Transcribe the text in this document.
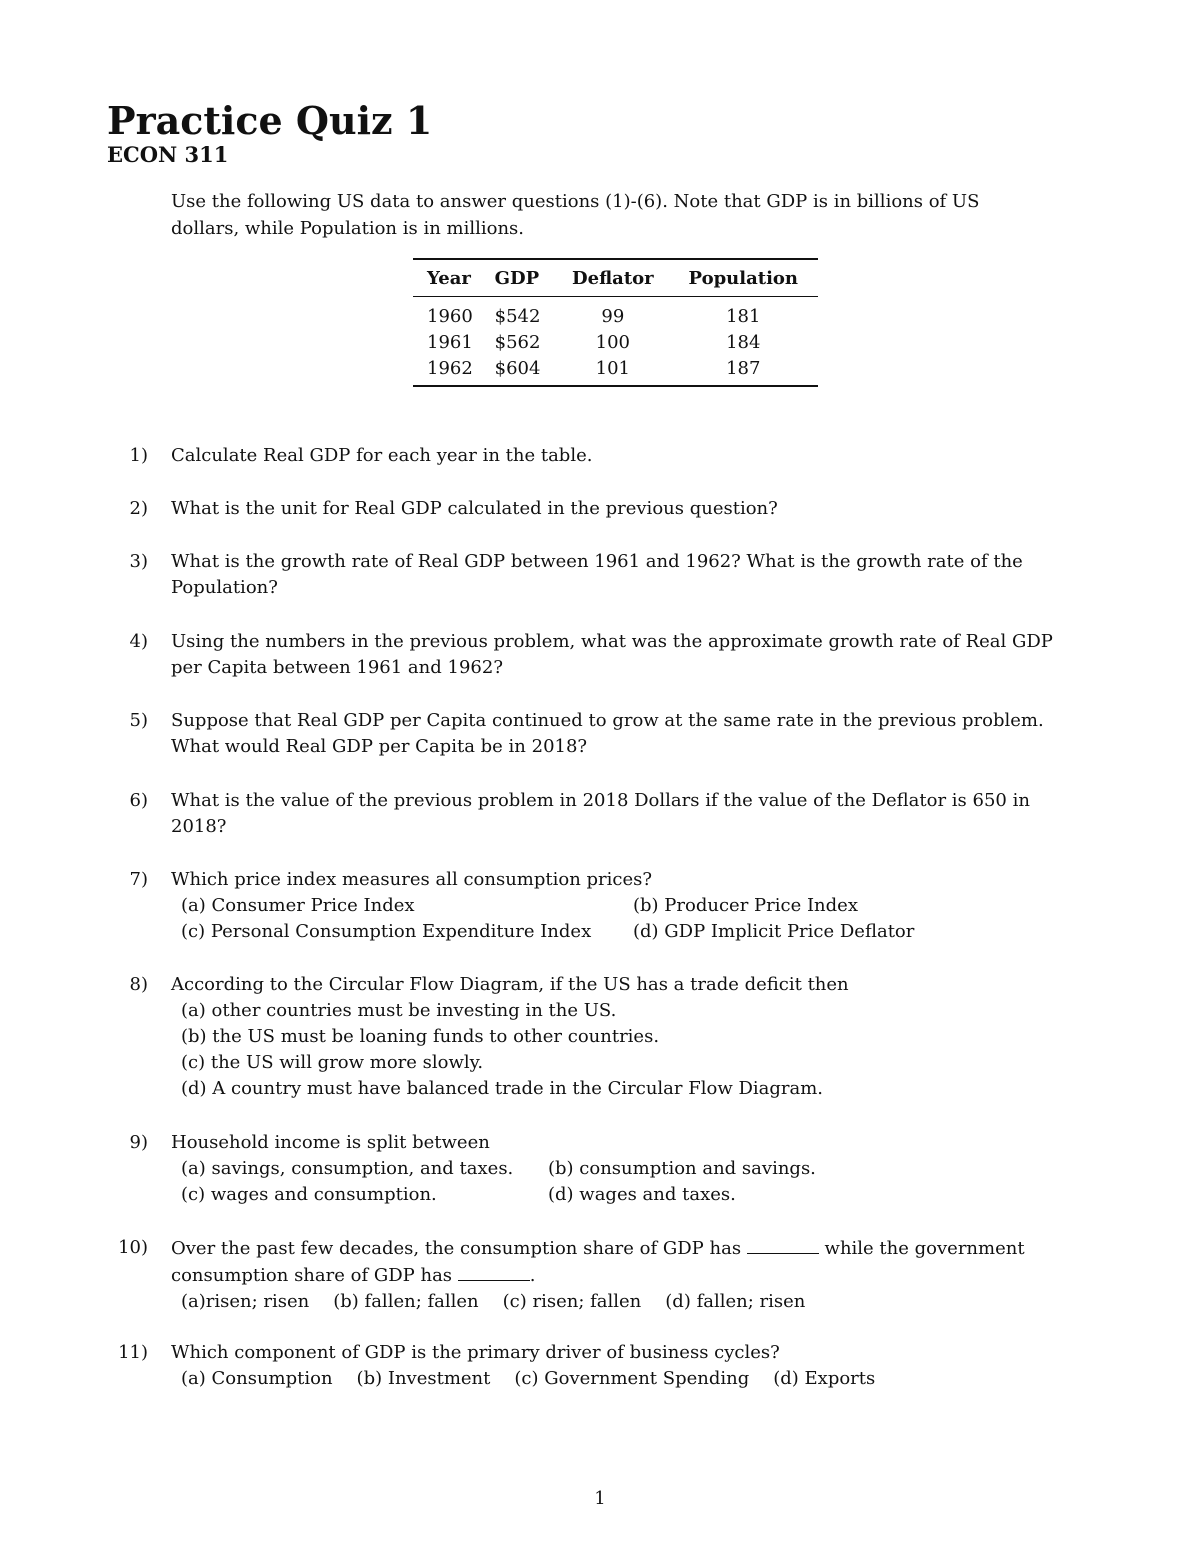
Practice Quiz 1
ECON 311

Use the following US data to answer questions (1)-(6). Note that GDP is in billions of US dollars, while Population is in millions.

Year	GDP	Deflator	Population
1960	$542	99	181
1961	$562	100	184
1962	$604	101	187
1) Calculate Real GDP for each year in the table.
2) What is the unit for Real GDP calculated in the previous question?
3) What is the growth rate of Real GDP between 1961 and 1962? What is the growth rate of the Population?
4) Using the numbers in the previous problem, what was the approximate growth rate of Real GDP per Capita between 1961 and 1962?
5) Suppose that Real GDP per Capita continued to grow at the same rate in the previous problem. What would Real GDP per Capita be in 2018?
6) What is the value of the previous problem in 2018 Dollars if the value of the Deflator is 650 in 2018?
7) Which price index measures all consumption prices?
(a) Consumer Price Index	(b) Producer Price Index
(c) Personal Consumption Expenditure Index	(d) GDP Implicit Price Deflator
8) According to the Circular Flow Diagram, if the US has a trade deficit then
(a) other countries must be investing in the US.
(b) the US must be loaning funds to other countries.
(c) the US will grow more slowly.
(d) A country must have balanced trade in the Circular Flow Diagram.
9) Household income is split between
(a) savings, consumption, and taxes.	(b) consumption and savings.
(c) wages and consumption.	(d) wages and taxes.
10) Over the past few decades, the consumption share of GDP has	while the government
consumption share of GDP has	.
(a)risen; risen (b) fallen; fallen (c) risen; fallen (d) fallen; risen
11) Which component of GDP is the primary driver of business cycles?
(a) Consumption (b) Investment (c) Government Spending (d) Exports
1
